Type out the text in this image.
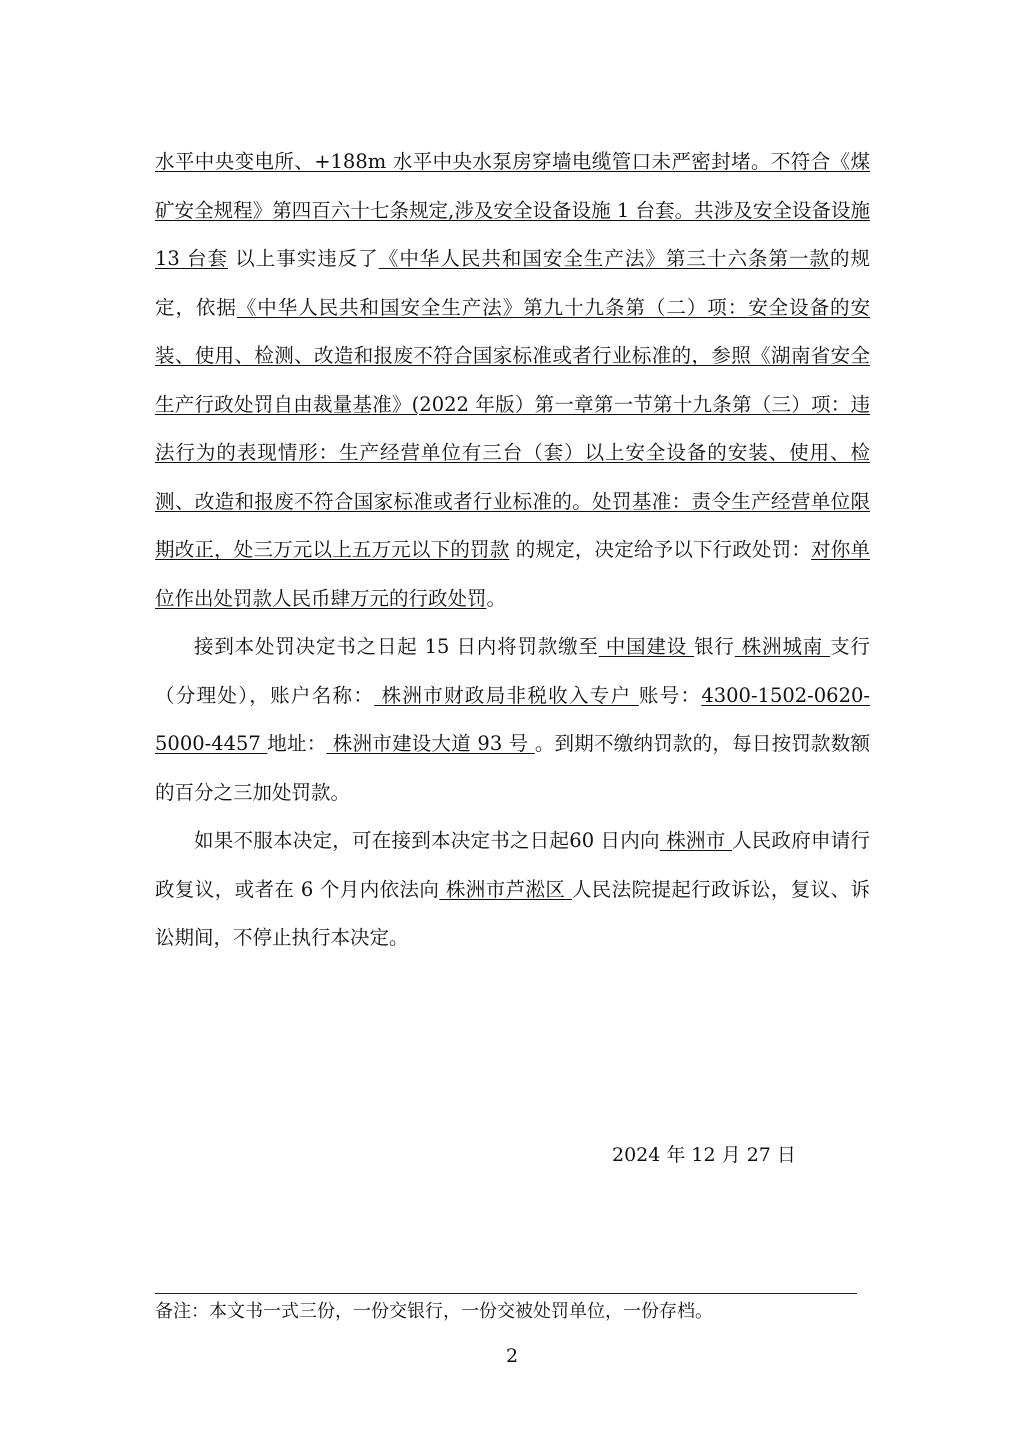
水平中央变电所、+188m 水平中央水泵房穿墙电缆管口未严密封堵。不符合《煤矿安全规程》第四百六十七条规定,涉及安全设备设施 1 台套。共涉及安全设备设施 13 台套 以上事实违反了《中华人民共和国安全生产法》第三十六条第一款的规定，依据《中华人民共和国安全生产法》第九十九条第（二）项：安全设备的安装、使用、检测、改造和报废不符合国家标准或者行业标准的，参照《湖南省安全生产行政处罚自由裁量基准》(2022 年版）第一章第一节第十九条第（三）项：违法行为的表现情形：生产经营单位有三台（套）以上安全设备的安装、使用、检测、改造和报废不符合国家标准或者行业标准的。处罚基准：责令生产经营单位限期改正，处三万元以上五万元以下的罚款 的规定，决定给予以下行政处罚：对你单位作出处罚款人民币肆万元的行政处罚。

接到本处罚决定书之日起 15 日内将罚款缴至 中国建设 银行 株洲城南 支行（分理处），账户名称： 株洲市财政局非税收入专户 账号：4300-1502-0620-5000-4457 地址： 株洲市建设大道 93 号 。到期不缴纳罚款的，每日按罚款数额的百分之三加处罚款。

如果不服本决定，可在接到本决定书之日起60 日内向 株洲市 人民政府申请行政复议，或者在 6 个月内依法向 株洲市芦淞区 人民法院提起行政诉讼，复议、诉讼期间，不停止执行本决定。

2024 年 12 月 27 日
备注：本文书一式三份，一份交银行，一份交被处罚单位，一份存档。
2
